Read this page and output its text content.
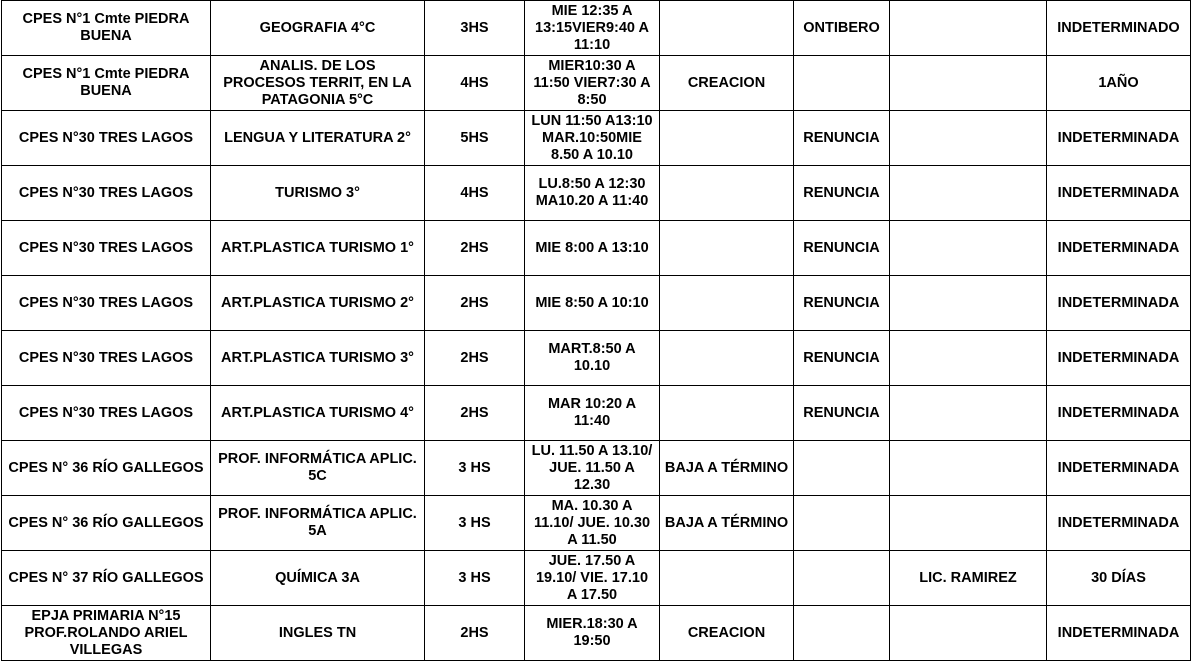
CPES N°1 Cmte PIEDRA
BUENA	GEOGRAFIA 4°C	3HS	MIE 12:35 A
13:15VIER9:40 A
11:10		ONTIBERO		INDETERMINADO
CPES N°1 Cmte PIEDRA
BUENA	ANALIS. DE LOS
PROCESOS TERRIT, EN LA
PATAGONIA 5°C	4HS	MIER10:30 A
11:50 VIER7:30 A
8:50	CREACION			1AÑO
CPES N°30 TRES LAGOS	LENGUA Y LITERATURA 2°	5HS	LUN 11:50 A13:10
MAR.10:50MIE
8.50 A 10.10		RENUNCIA		INDETERMINADA
CPES N°30 TRES LAGOS	TURISMO 3°	4HS	LU.8:50 A 12:30
MA10.20 A 11:40		RENUNCIA		INDETERMINADA
CPES N°30 TRES LAGOS	ART.PLASTICA TURISMO 1°	2HS	MIE 8:00 A 13:10		RENUNCIA		INDETERMINADA
CPES N°30 TRES LAGOS	ART.PLASTICA TURISMO 2°	2HS	MIE 8:50 A 10:10		RENUNCIA		INDETERMINADA
CPES N°30 TRES LAGOS	ART.PLASTICA TURISMO 3°	2HS	MART.8:50 A
10.10		RENUNCIA		INDETERMINADA
CPES N°30 TRES LAGOS	ART.PLASTICA TURISMO 4°	2HS	MAR 10:20 A
11:40		RENUNCIA		INDETERMINADA
CPES N° 36 RÍO GALLEGOS	PROF. INFORMÁTICA APLIC.
5C	3 HS	LU. 11.50 A 13.10/
JUE. 11.50 A
12.30	BAJA A TÉRMINO			INDETERMINADA
CPES N° 36 RÍO GALLEGOS	PROF. INFORMÁTICA APLIC.
5A	3 HS	MA. 10.30 A
11.10/ JUE. 10.30
A 11.50	BAJA A TÉRMINO			INDETERMINADA
CPES N° 37 RÍO GALLEGOS	QUÍMICA 3A	3 HS	JUE. 17.50 A
19.10/ VIE. 17.10
A 17.50			LIC. RAMIREZ	30 DÍAS
EPJA PRIMARIA N°15
PROF.ROLANDO ARIEL
VILLEGAS	INGLES TN	2HS	MIER.18:30 A
19:50	CREACION			INDETERMINADA
